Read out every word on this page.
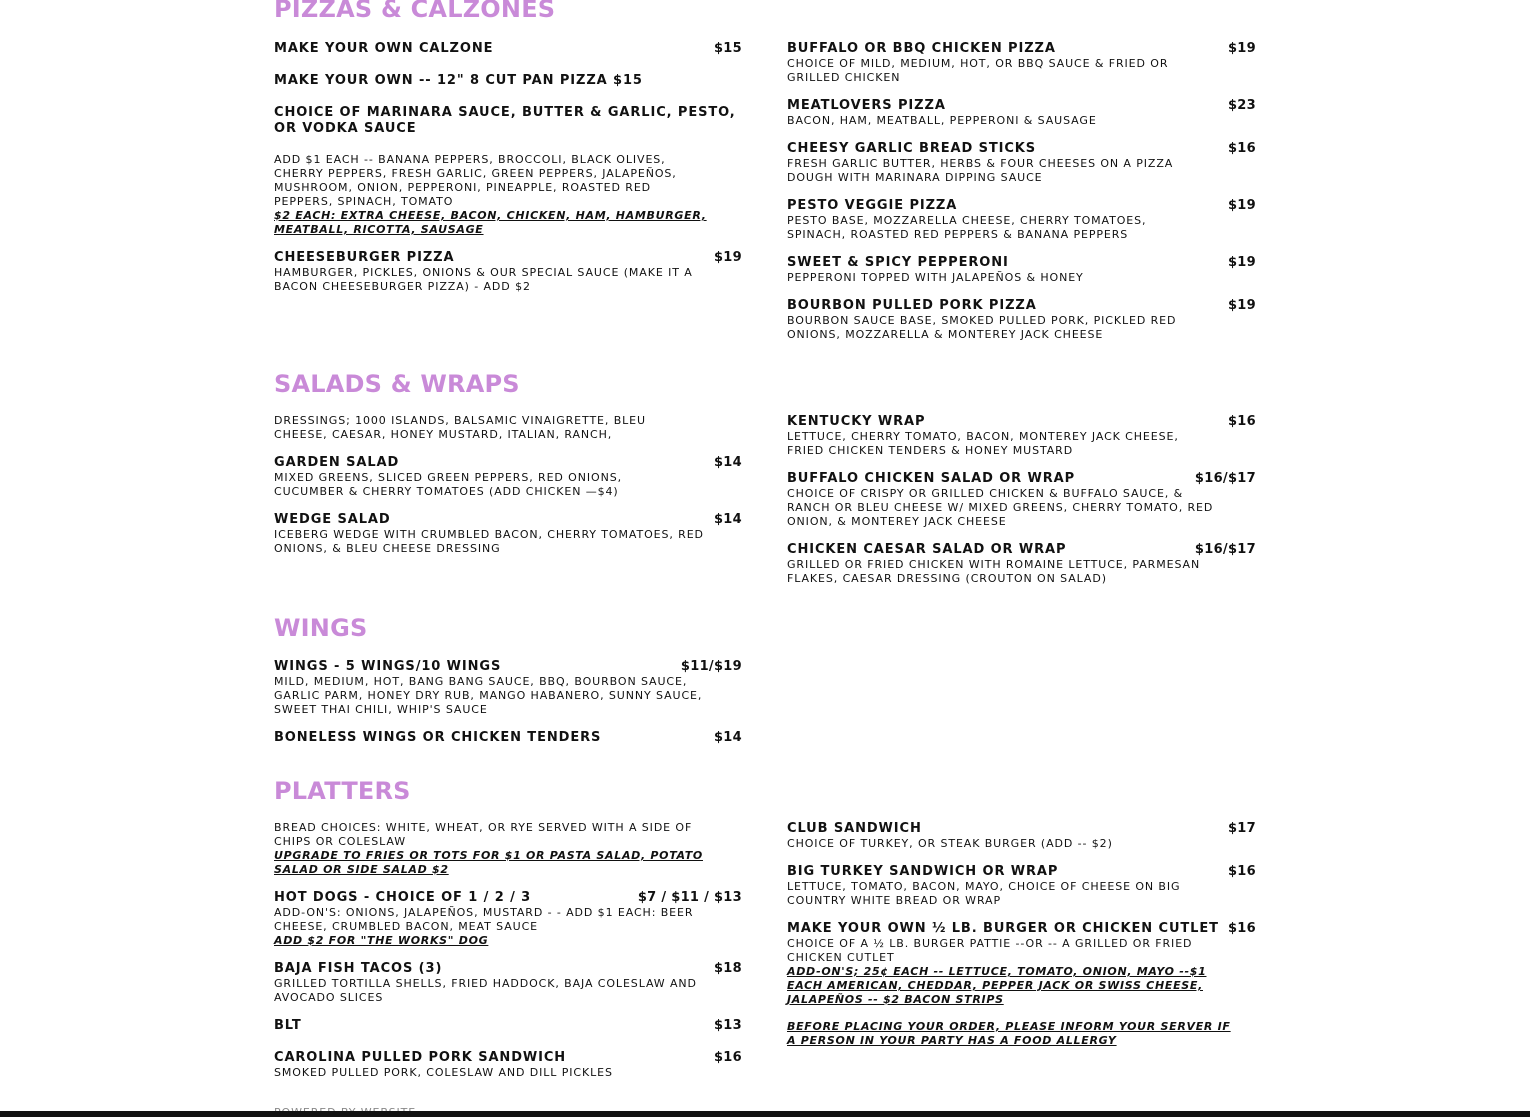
PIZZAS & CALZONES
MAKE YOUR OWN CALZONE	$15
MAKE YOUR OWN -- 12" 8 CUT PAN PIZZA $15
CHOICE OF MARINARA SAUCE, BUTTER & GARLIC, PESTO, OR VODKA SAUCE

ADD $1 EACH -- BANANA PEPPERS, BROCCOLI, BLACK OLIVES, CHERRY PEPPERS, FRESH GARLIC, GREEN PEPPERS, JALAPEÑOS, MUSHROOM, ONION, PEPPERONI, PINEAPPLE, ROASTED RED PEPPERS, SPINACH, TOMATO

$2 EACH: EXTRA CHEESE, BACON, CHICKEN, HAM, HAMBURGER, MEATBALL, RICOTTA, SAUSAGE

CHEESEBURGER PIZZA	$19

HAMBURGER, PICKLES, ONIONS & OUR SPECIAL SAUCE (MAKE IT A BACON CHEESEBURGER PIZZA) - ADD $2

BUFFALO OR BBQ CHICKEN PIZZA	$19

CHOICE OF MILD, MEDIUM, HOT, OR BBQ SAUCE & FRIED OR GRILLED CHICKEN

MEATLOVERS PIZZA	$23

BACON, HAM, MEATBALL, PEPPERONI & SAUSAGE

CHEESY GARLIC BREAD STICKS	$16

FRESH GARLIC BUTTER, HERBS & FOUR CHEESES ON A PIZZA DOUGH WITH MARINARA DIPPING SAUCE

PESTO VEGGIE PIZZA	$19

PESTO BASE, MOZZARELLA CHEESE, CHERRY TOMATOES, SPINACH, ROASTED RED PEPPERS & BANANA PEPPERS

SWEET & SPICY PEPPERONI	$19

PEPPERONI TOPPED WITH JALAPEÑOS & HONEY

BOURBON PULLED PORK PIZZA	$19

BOURBON SAUCE BASE, SMOKED PULLED PORK, PICKLED RED ONIONS, MOZZARELLA & MONTEREY JACK CHEESE

SALADS & WRAPS

DRESSINGS; 1000 ISLANDS, BALSAMIC VINAIGRETTE, BLEU CHEESE, CAESAR, HONEY MUSTARD, ITALIAN, RANCH,

GARDEN SALAD	$14

MIXED GREENS, SLICED GREEN PEPPERS, RED ONIONS, CUCUMBER & CHERRY TOMATOES (ADD CHICKEN —$4)

WEDGE SALAD	$14

ICEBERG WEDGE WITH CRUMBLED BACON, CHERRY TOMATOES, RED ONIONS, & BLEU CHEESE DRESSING

KENTUCKY WRAP	$16

LETTUCE, CHERRY TOMATO, BACON, MONTEREY JACK CHEESE, FRIED CHICKEN TENDERS & HONEY MUSTARD

BUFFALO CHICKEN SALAD OR WRAP	$16/$17

CHOICE OF CRISPY OR GRILLED CHICKEN & BUFFALO SAUCE, & RANCH OR BLEU CHEESE W/ MIXED GREENS, CHERRY TOMATO, RED ONION, & MONTEREY JACK CHEESE

CHICKEN CAESAR SALAD OR WRAP	$16/$17

GRILLED OR FRIED CHICKEN WITH ROMAINE LETTUCE, PARMESAN FLAKES, CAESAR DRESSING (CROUTON ON SALAD)

WINGS
WINGS - 5 WINGS/10 WINGS	$11/$19

MILD, MEDIUM, HOT, BANG BANG SAUCE, BBQ, BOURBON SAUCE, GARLIC PARM, HONEY DRY RUB, MANGO HABANERO, SUNNY SAUCE, SWEET THAI CHILI, WHIP'S SAUCE

BONELESS WINGS OR CHICKEN TENDERS	$14
PLATTERS

BREAD CHOICES: WHITE, WHEAT, OR RYE SERVED WITH A SIDE OF CHIPS OR COLESLAW

UPGRADE TO FRIES OR TOTS FOR $1 OR PASTA SALAD, POTATO SALAD OR SIDE SALAD $2

HOT DOGS - CHOICE OF 1 / 2 / 3	$7 / $11 / $13

ADD-ON'S: ONIONS, JALAPEÑOS, MUSTARD - - ADD $1 EACH: BEER CHEESE, CRUMBLED BACON, MEAT SAUCE

ADD $2 FOR "THE WORKS" DOG

BAJA FISH TACOS (3)	$18

GRILLED TORTILLA SHELLS, FRIED HADDOCK, BAJA COLESLAW AND AVOCADO SLICES

BLT	$13
CAROLINA PULLED PORK SANDWICH	$16

SMOKED PULLED PORK, COLESLAW AND DILL PICKLES

CLUB SANDWICH	$17

CHOICE OF TURKEY, OR STEAK BURGER (ADD -- $2)

BIG TURKEY SANDWICH OR WRAP	$16

LETTUCE, TOMATO, BACON, MAYO, CHOICE OF CHEESE ON BIG COUNTRY WHITE BREAD OR WRAP

MAKE YOUR OWN ½ LB. BURGER OR CHICKEN CUTLET $16

CHOICE OF A ½ LB. BURGER PATTIE --OR -- A GRILLED OR FRIED CHICKEN CUTLET

ADD-ON'S; 25¢ EACH -- LETTUCE, TOMATO, ONION, MAYO --$1 EACH AMERICAN, CHEDDAR, PEPPER JACK OR SWISS CHEESE, JALAPEÑOS -- $2 BACON STRIPS

BEFORE PLACING YOUR ORDER, PLEASE INFORM YOUR SERVER IF A PERSON IN YOUR PARTY HAS A FOOD ALLERGY
